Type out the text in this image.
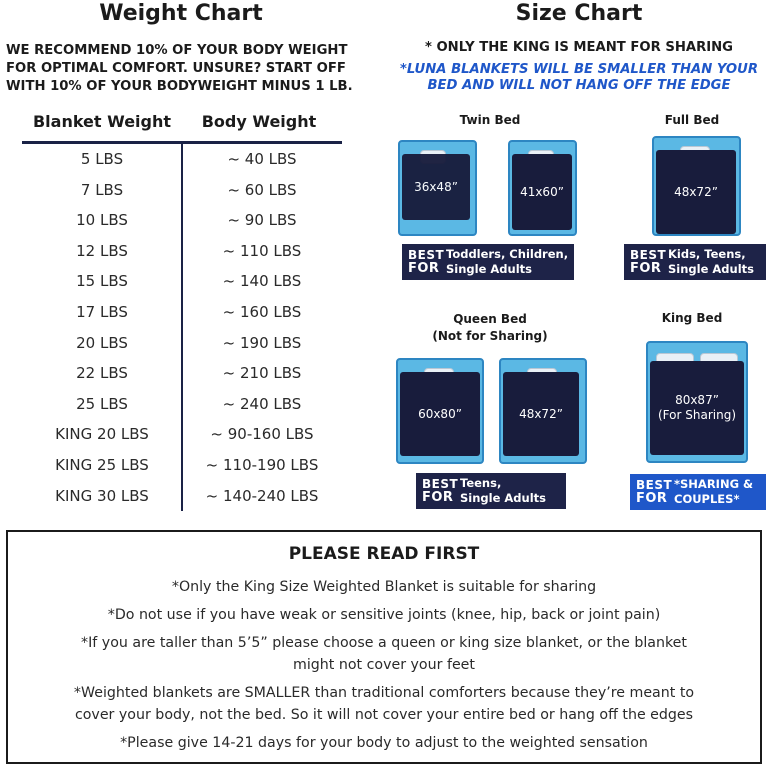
Weight Chart
WE RECOMMEND 10% OF YOUR BODY WEIGHT
FOR OPTIMAL COMFORT. UNSURE? START OFF
WITH 10% OF YOUR BODYWEIGHT MINUS 1 LB.
Blanket Weight	Body Weight
5 LBS	~ 40 LBS
7 LBS	~ 60 LBS
10 LBS	~ 90 LBS
12 LBS	~ 110 LBS
15 LBS	~ 140 LBS
17 LBS	~ 160 LBS
20 LBS	~ 190 LBS
22 LBS	~ 210 LBS
25 LBS	~ 240 LBS
KING 20 LBS	~ 90-160 LBS
KING 25 LBS	~ 110-190 LBS
KING 30 LBS	~ 140-240 LBS
Size Chart
* ONLY THE KING IS MEANT FOR SHARING
*LUNA BLANKETS WILL BE SMALLER THAN YOUR
BED AND WILL NOT HANG OFF THE EDGE
Twin Bed
36x48”	41x60”
BEST
FOR
Toddlers, Children,
Single Adults
Full Bed
48x72”
BEST
FOR
Kids, Teens,
Single Adults
Queen Bed
(Not for Sharing)
60x80”	48x72”
BEST
FOR
Teens,
Single Adults
King Bed
80x87”
(For Sharing)
BEST
FOR
*SHARING &
COUPLES*
PLEASE READ FIRST
*Only the King Size Weighted Blanket is suitable for sharing
*Do not use if you have weak or sensitive joints (knee, hip, back or joint pain)
*If you are taller than 5’5” please choose a queen or king size blanket, or the blanket
might not cover your feet
*Weighted blankets are SMALLER than traditional comforters because they’re meant to
cover your body, not the bed. So it will not cover your entire bed or hang off the edges
*Please give 14-21 days for your body to adjust to the weighted sensation
